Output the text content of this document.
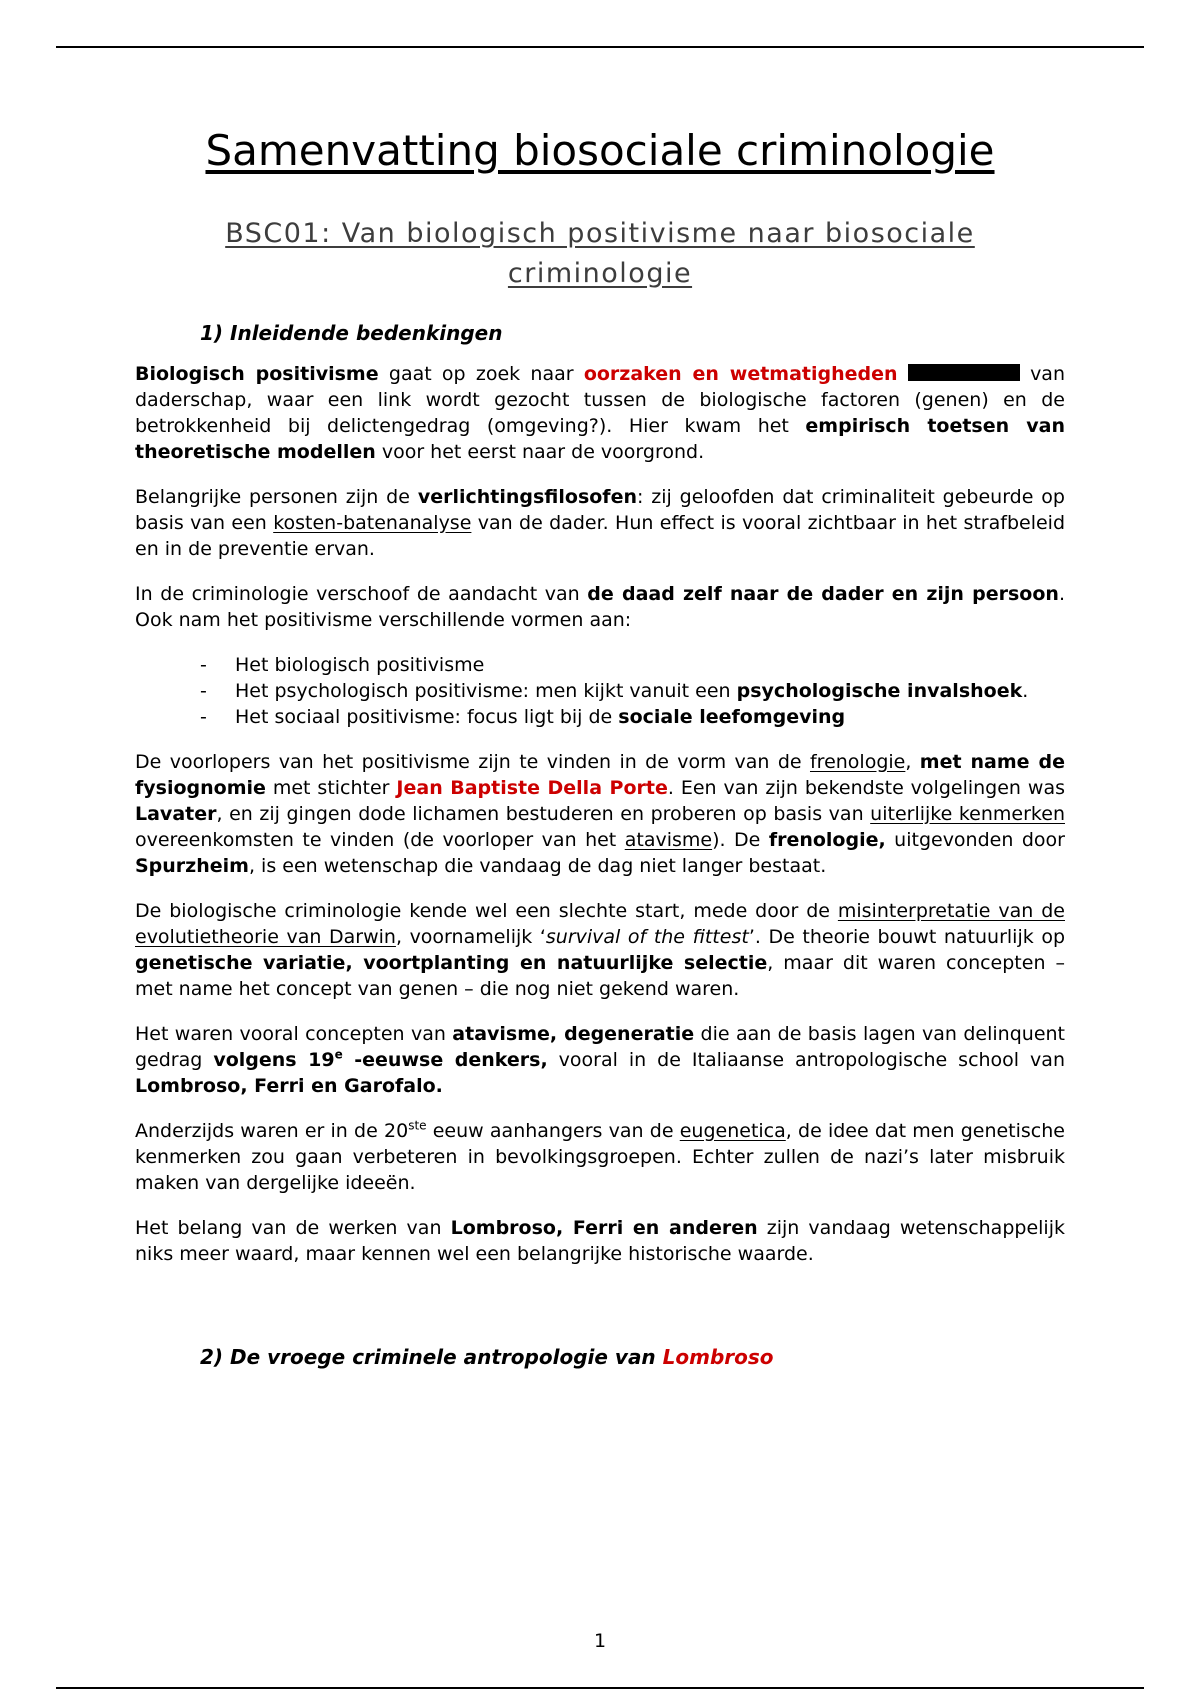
Samenvatting biosociale criminologie
BSC01: Van biologisch positivisme naar biosociale
criminologie
1) Inleidende bedenkingen

Biologisch positivisme gaat op zoek naar oorzaken en wetmatigheden	van daderschap, waar een link wordt gezocht tussen de biologische factoren (genen) en de betrokkenheid bij delictengedrag (omgeving?). Hier kwam het empirisch toetsen van theoretische modellen voor het eerst naar de voorgrond.

Belangrijke personen zijn de verlichtingsfilosofen: zij geloofden dat criminaliteit gebeurde op basis van een kosten-batenanalyse van de dader. Hun effect is vooral zichtbaar in het strafbeleid en in de preventie ervan.

In de criminologie verschoof de aandacht van de daad zelf naar de dader en zijn persoon. Ook nam het positivisme verschillende vormen aan:

- Het biologisch positivisme
- Het psychologisch positivisme: men kijkt vanuit een psychologische invalshoek.
- Het sociaal positivisme: focus ligt bij de sociale leefomgeving

De voorlopers van het positivisme zijn te vinden in de vorm van de frenologie, met name de fysiognomie met stichter Jean Baptiste Della Porte. Een van zijn bekendste volgelingen was Lavater, en zij gingen dode lichamen bestuderen en proberen op basis van uiterlijke kenmerken overeenkomsten te vinden (de voorloper van het atavisme). De frenologie, uitgevonden door Spurzheim, is een wetenschap die vandaag de dag niet langer bestaat.

De biologische criminologie kende wel een slechte start, mede door de misinterpretatie van de evolutietheorie van Darwin, voornamelijk ‘survival of the fittest’. De theorie bouwt natuurlijk op genetische variatie, voortplanting en natuurlijke selectie, maar dit waren concepten – met name het concept van genen – die nog niet gekend waren.

Het waren vooral concepten van atavisme, degeneratie die aan de basis lagen van delinquent gedrag volgens 19e -eeuwse denkers, vooral in de Italiaanse antropologische school van Lombroso, Ferri en Garofalo.

Anderzijds waren er in de 20ste eeuw aanhangers van de eugenetica, de idee dat men genetische kenmerken zou gaan verbeteren in bevolkingsgroepen. Echter zullen de nazi’s later misbruik maken van dergelijke ideeën.

Het belang van de werken van Lombroso, Ferri en anderen zijn vandaag wetenschappelijk niks meer waard, maar kennen wel een belangrijke historische waarde.

2) De vroege criminele antropologie van Lombroso
1
